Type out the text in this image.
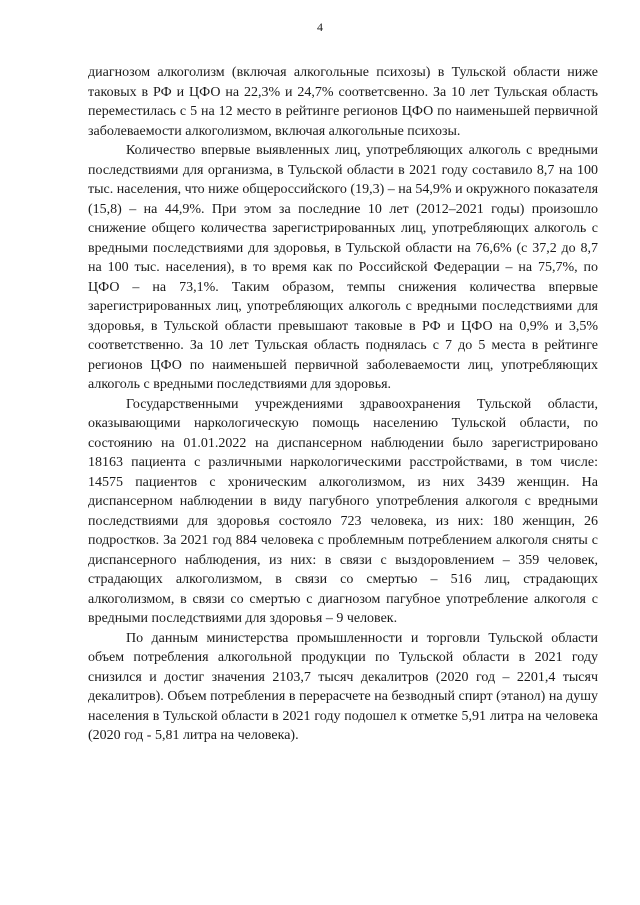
4

диагнозом алкоголизм (включая алкогольные психозы) в Тульской области ниже таковых в РФ и ЦФО на 22,3% и 24,7% соответсвенно. За 10 лет Тульская область переместилась с 5 на 12 место в рейтинге регионов ЦФО по наименьшей первичной заболеваемости алкоголизмом, включая алкогольные психозы.

Количество впервые выявленных лиц, употребляющих алкоголь с вредными последствиями для организма, в Тульской области в 2021 году составило 8,7 на 100 тыс. населения, что ниже общероссийского (19,3) – на 54,9% и окружного показателя (15,8) – на 44,9%. При этом за последние 10 лет (2012–2021 годы) произошло снижение общего количества зарегистрированных лиц, употребляющих алкоголь с вредными последствиями для здоровья, в Тульской области на 76,6% (с 37,2 до 8,7 на 100 тыс. населения), в то время как по Российской Федерации – на 75,7%, по ЦФО – на 73,1%. Таким образом, темпы снижения количества впервые зарегистрированных лиц, употребляющих алкоголь с вредными последствиями для здоровья, в Тульской области превышают таковые в РФ и ЦФО на 0,9% и 3,5% соответственно. За 10 лет Тульская область поднялась с 7 до 5 места в рейтинге регионов ЦФО по наименьшей первичной заболеваемости лиц, употребляющих алкоголь с вредными последствиями для здоровья.

Государственными учреждениями здравоохранения Тульской области, оказывающими наркологическую помощь населению Тульской области, по состоянию на 01.01.2022 на диспансерном наблюдении было зарегистрировано 18163 пациента с различными наркологическими расстройствами, в том числе: 14575 пациентов с хроническим алкоголизмом, из них 3439 женщин. На диспансерном наблюдении в виду пагубного употребления алкоголя с вредными последствиями для здоровья состояло 723 человека, из них: 180 женщин, 26 подростков. За 2021 год 884 человека с проблемным потреблением алкоголя сняты с диспансерного наблюдения, из них: в связи с выздоровлением – 359 человек, страдающих алкоголизмом, в связи со смертью – 516 лиц, страдающих алкоголизмом, в связи со смертью с диагнозом пагубное употребление алкоголя с вредными последствиями для здоровья – 9 человек.

По данным министерства промышленности и торговли Тульской области объем потребления алкогольной продукции по Тульской области в 2021 году снизился и достиг значения 2103,7 тысяч декалитров (2020 год – 2201,4 тысяч декалитров). Объем потребления в перерасчете на безводный спирт (этанол) на душу населения в Тульской области в 2021 году подошел к отметке 5,91 литра на человека (2020 год - 5,81 литра на человека).
